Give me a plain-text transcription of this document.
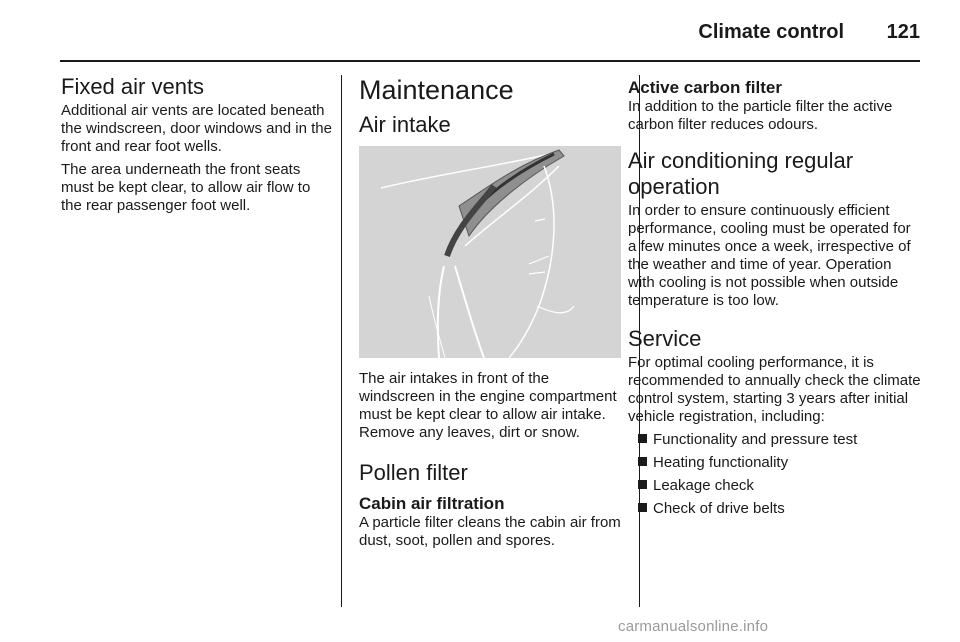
Climate control 121
Fixed air vents

Additional air vents are located beneath the windscreen, door windows and in the front and rear foot wells.

The area underneath the front seats must be kept clear, to allow air flow to the rear passenger foot well.

Maintenance
Air intake

The air intakes in front of the windscreen in the engine compartment must be kept clear to allow air intake. Remove any leaves, dirt or snow.

Pollen filter
Cabin air filtration

A particle filter cleans the cabin air from dust, soot, pollen and spores.

Active carbon filter

In addition to the particle filter the active carbon filter reduces odours.

Air conditioning regular operation

In order to ensure continuously efficient performance, cooling must be operated for a few minutes once a week, irrespective of the weather and time of year. Operation with cooling is not possible when outside temperature is too low.

Service

For optimal cooling performance, it is recommended to annually check the climate control system, starting 3 years after initial vehicle registration, including:

Functionality and pressure test
Heating functionality
Leakage check
Check of drive belts
carmanualsonline.info
